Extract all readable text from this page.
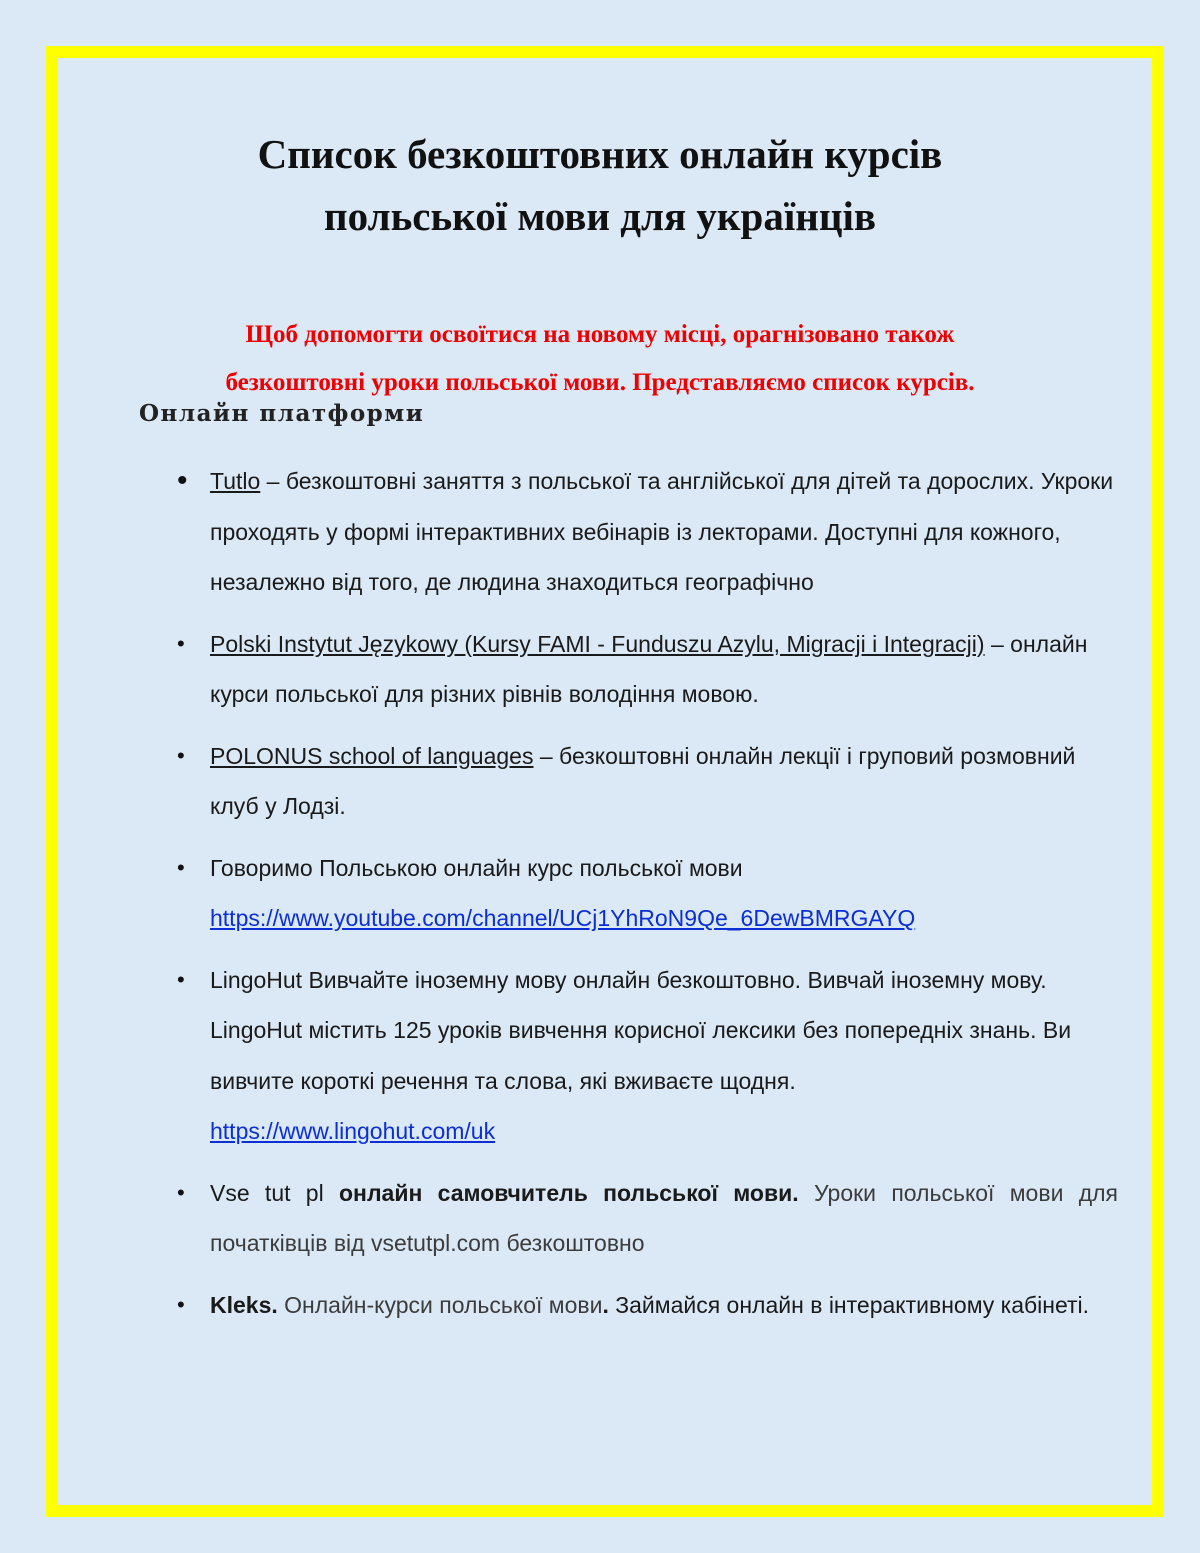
Список безкоштовних онлайн курсів
польської мови для українців

Щоб допомогти освоїтися на новому місці, орагнізовано також
безкоштовні уроки польської мови. Представляємо список курсів.

Онлайн платформи
• Tutlo – безкоштовні заняття з польської та англійської для дітей та дорослих. Укроки проходять у формі інтерактивних вебінарів із лекторами. Доступні для кожного, незалежно від того, де людина знаходиться географічно
• Polski Instytut Językowy (Kursy FAMI - Funduszu Azylu, Migracji i Integracji) – онлайн курси польської для різних рівнів володіння мовою.
• POLONUS school of languages – безкоштовні онлайн лекції і груповий розмовний клуб у Лодзі.
• Говоримо Польською онлайн курс польської мови
https://www.youtube.com/channel/UCj1YhRoN9Qe_6DewBMRGAYQ
• LingoHut Вивчайте іноземну мову онлайн безкоштовно. Вивчай іноземну мову. LingoHut містить 125 уроків вивчення корисної лексики без попередніх знань. Ви вивчите короткі речення та слова, які вживаєте щодня.
https://www.lingohut.com/uk
• Vse tut pl онлайн самовчитель польської мови. Уроки польської мови для початківців від vsetutpl.com безкоштовно
• Kleks. Онлайн-курси польської мови. Займайся онлайн в інтерактивному кабінеті.
